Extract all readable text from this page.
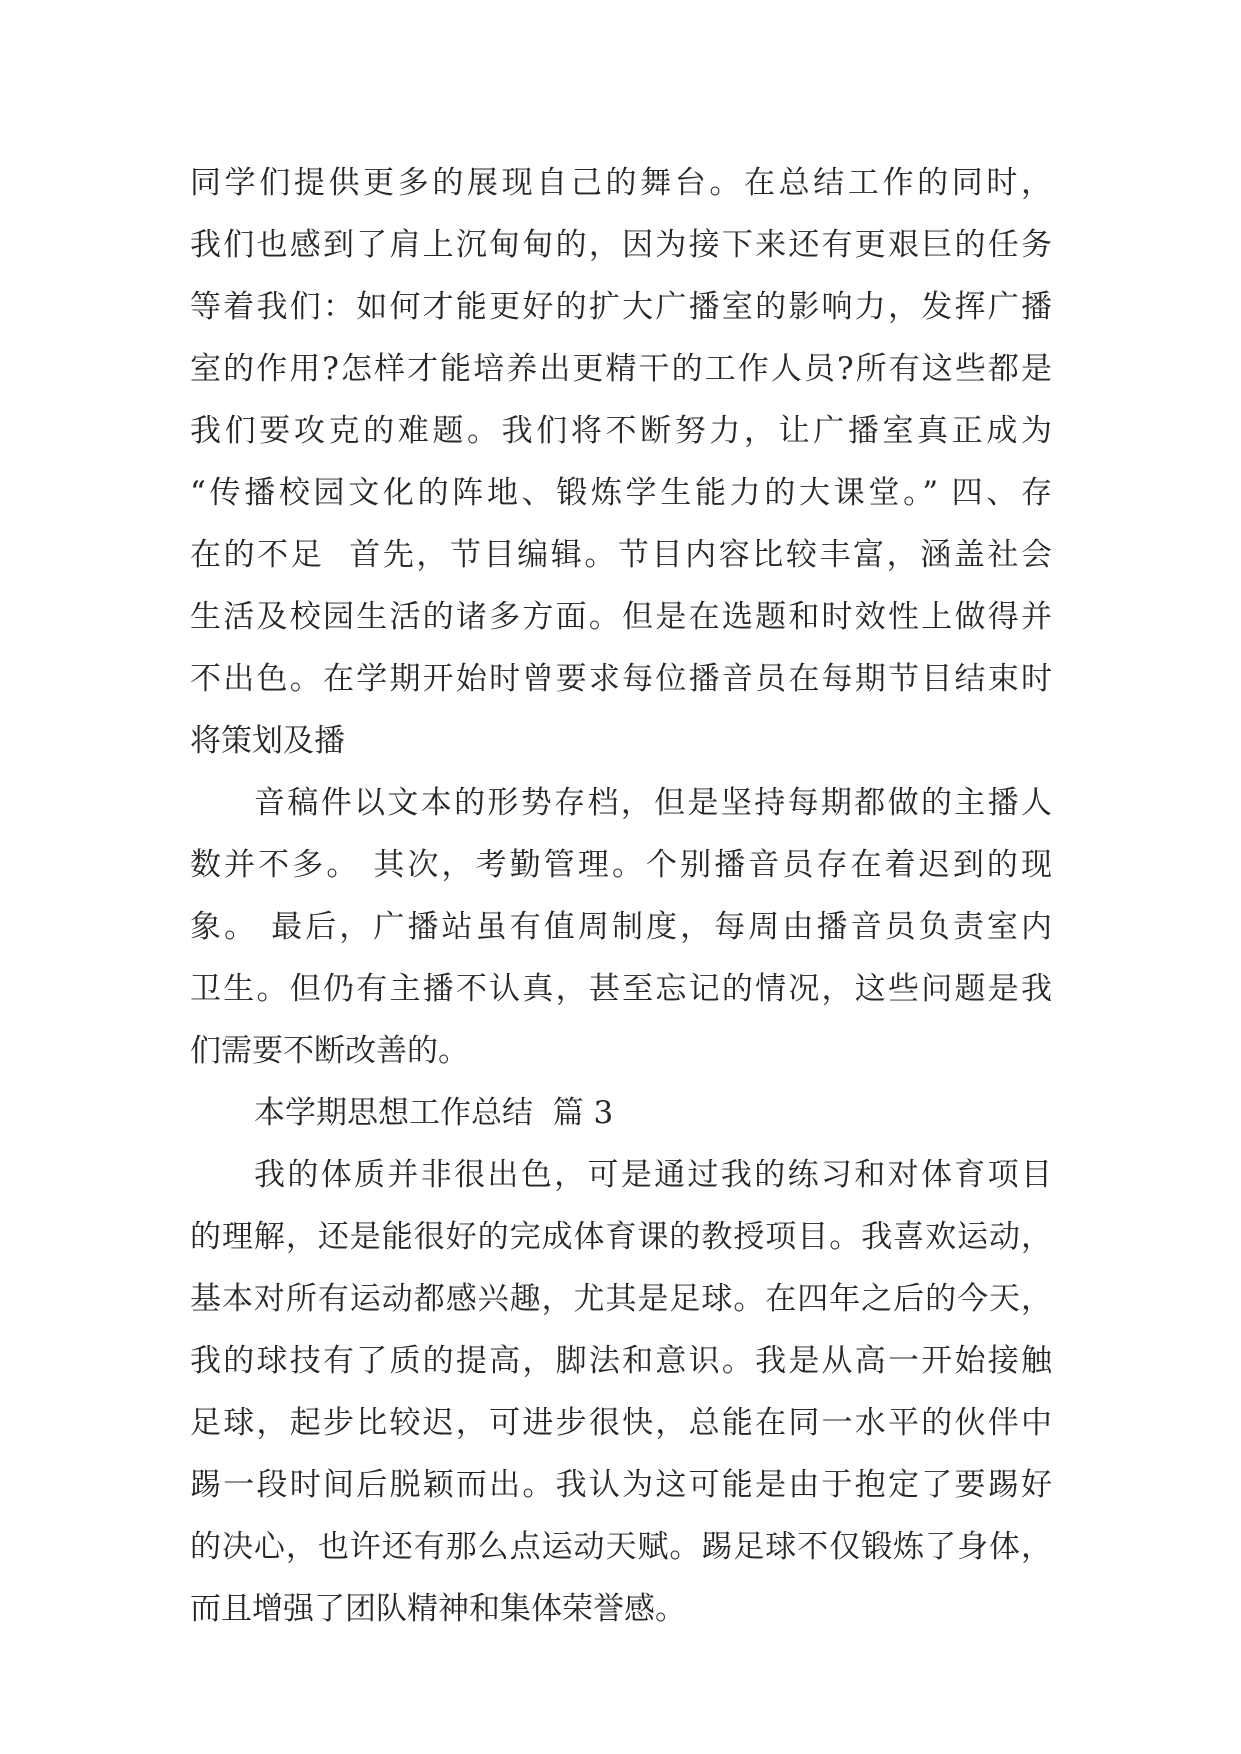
同学们提供更多的展现自己的舞台。在总结工作的同时，
我们也感到了肩上沉甸甸的，因为接下来还有更艰巨的任务
等着我们：如何才能更好的扩大广播室的影响力，发挥广播
室的作用?怎样才能培养出更精干的工作人员?所有这些都是
我们要攻克的难题。我们将不断努力，让广播室真正成为
“传播校园文化的阵地、锻炼学生能力的大课堂。” 四、存
在的不足  首先，节目编辑。节目内容比较丰富，涵盖社会
生活及校园生活的诸多方面。但是在选题和时效性上做得并
不出色。在学期开始时曾要求每位播音员在每期节目结束时
将策划及播
音稿件以文本的形势存档，但是坚持每期都做的主播人
数并不多。 其次，考勤管理。个别播音员存在着迟到的现
象。 最后，广播站虽有值周制度，每周由播音员负责室内
卫生。但仍有主播不认真，甚至忘记的情况，这些问题是我
们需要不断改善的。
本学期思想工作总结  篇 3
我的体质并非很出色，可是通过我的练习和对体育项目
的理解，还是能很好的完成体育课的教授项目。我喜欢运动，
基本对所有运动都感兴趣，尤其是足球。在四年之后的今天，
我的球技有了质的提高，脚法和意识。我是从高一开始接触
足球，起步比较迟，可进步很快，总能在同一水平的伙伴中
踢一段时间后脱颖而出。我认为这可能是由于抱定了要踢好
的决心，也许还有那么点运动天赋。踢足球不仅锻炼了身体，
而且增强了团队精神和集体荣誉感。
